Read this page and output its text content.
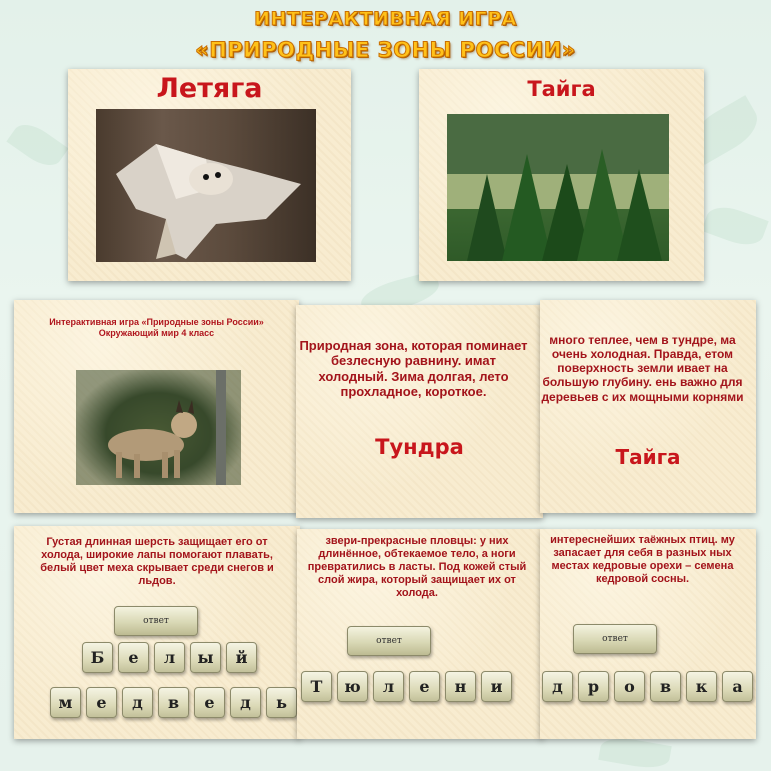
ИНТЕРАКТИВНАЯ ИГРА
«ПРИРОДНЫЕ ЗОНЫ РОССИИ»
Летяга	Тайга
Интерактивная игра «Природные зоны России»
Окружающий мир 4 класс
Природная зона, которая поминает безлесную равнину. имат холодный. Зима долгая, лето прохладное, короткое.
Тундра
много теплее, чем в тундре, ма очень холодная. Правда, етом поверхность земли ивает на большую глубину. ень важно для деревьев с их мощными корнями
Тайга
Густая длинная шерсть защищает его от холода, широкие лапы помогают плавать, белый цвет меха скрывает среди снегов и льдов.
ответ
Б	е	л	ы	й
м	е	д	в	е	д	ь
звери-прекрасные пловцы: у них длинённое, обтекаемое тело, а ноги превратились в ласты. Под кожей стый слой жира, который защищает их от холода.
ответ
Т	ю	л	е	н	и
интереснейших таёжных птиц. му запасает для себя в разных ных местах кедровые орехи – семена кедровой сосны.
ответ
д	р	о	в	к	а
